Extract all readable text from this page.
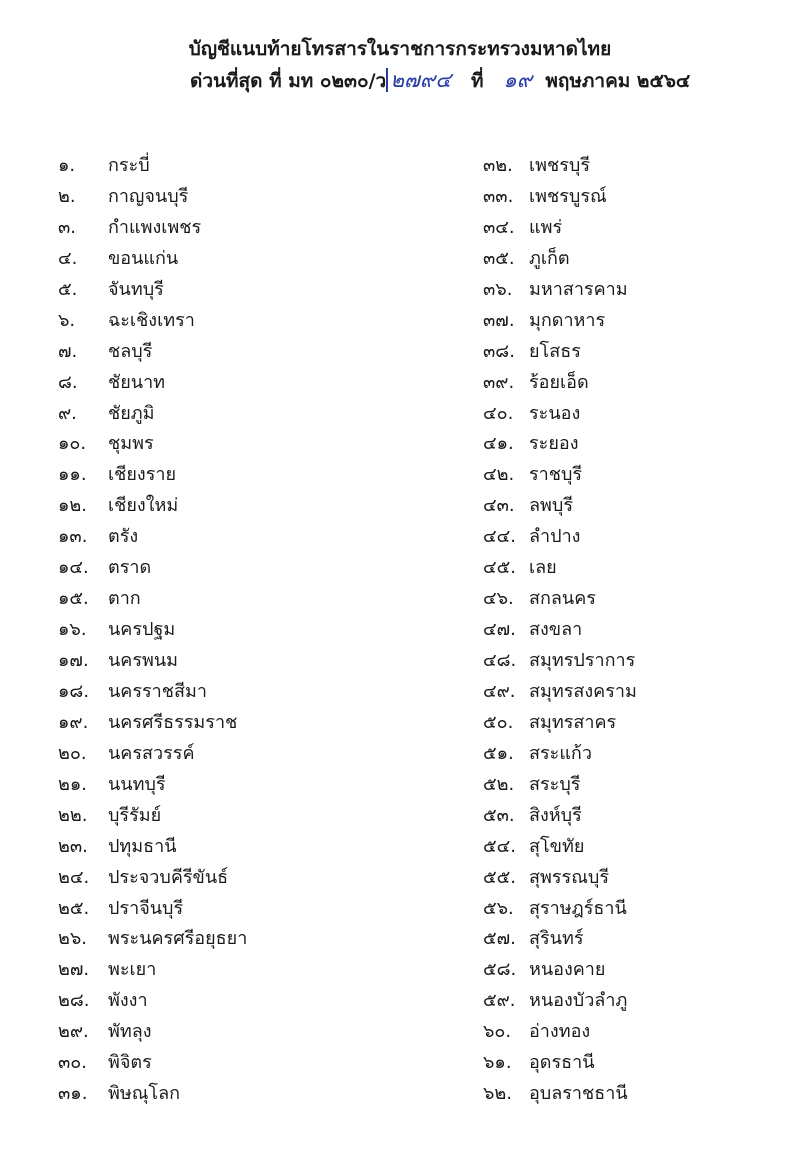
บัญชีแนบท้ายโทรสารในราชการกระทรวงมหาดไทย
ด่วนที่สุด ที่ มท ๐๒๓๐/ว ๒๗๙๔ ที่ ๑๙ พฤษภาคม ๒๕๖๔
๑.	กระบี่
๒.	กาญจนบุรี
๓.	กำแพงเพชร
๔.	ขอนแก่น
๕.	จันทบุรี
๖.	ฉะเชิงเทรา
๗.	ชลบุรี
๘.	ชัยนาท
๙.	ชัยภูมิ
๑๐.	ชุมพร
๑๑.	เชียงราย
๑๒.	เชียงใหม่
๑๓.	ตรัง
๑๔.	ตราด
๑๕.	ตาก
๑๖.	นครปฐม
๑๗.	นครพนม
๑๘.	นครราชสีมา
๑๙.	นครศรีธรรมราช
๒๐.	นครสวรรค์
๒๑.	นนทบุรี
๒๒.	บุรีรัมย์
๒๓.	ปทุมธานี
๒๔.	ประจวบคีรีขันธ์
๒๕.	ปราจีนบุรี
๒๖.	พระนครศรีอยุธยา
๒๗.	พะเยา
๒๘.	พังงา
๒๙.	พัทลุง
๓๐.	พิจิตร
๓๑.	พิษณุโลก
๓๒. เพชรบุรี
๓๓. เพชรบูรณ์
๓๔. แพร่
๓๕. ภูเก็ต
๓๖. มหาสารคาม
๓๗. มุกดาหาร
๓๘. ยโสธร
๓๙. ร้อยเอ็ด
๔๐. ระนอง
๔๑. ระยอง
๔๒. ราชบุรี
๔๓. ลพบุรี
๔๔. ลำปาง
๔๕. เลย
๔๖. สกลนคร
๔๗. สงขลา
๔๘. สมุทรปราการ
๔๙. สมุทรสงคราม
๕๐. สมุทรสาคร
๕๑. สระแก้ว
๕๒. สระบุรี
๕๓. สิงห์บุรี
๕๔. สุโขทัย
๕๕. สุพรรณบุรี
๕๖. สุราษฎร์ธานี
๕๗. สุรินทร์
๕๘. หนองคาย
๕๙. หนองบัวลำภู
๖๐. อ่างทอง
๖๑. อุดรธานี
๖๒. อุบลราชธานี
